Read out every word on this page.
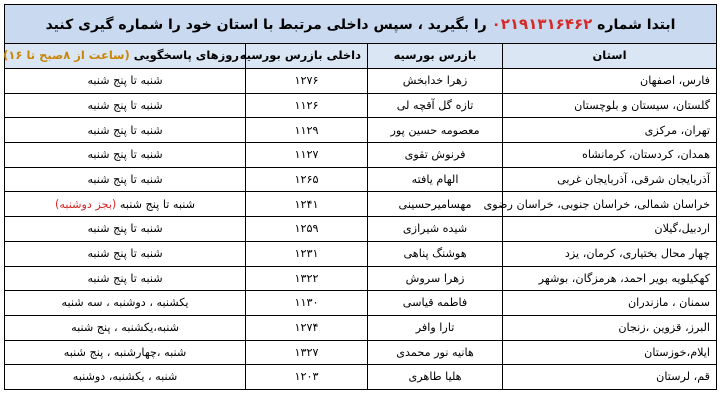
ابتدا شماره ۰۲۱۹۱۳۱۶۴۶۲ را بگیرید ، سپس داخلی مرتبط با استان خود را شماره گیری کنید			
استان	بازرس بورسیه	داخلی بازرس بورسیه	روزهای پاسخگویی (ساعت از ۸صبح تا ۱۶)
فارس، اصفهان	زهرا خدابخش	۱۲۷۶	شنبه تا پنج شنبه
گلستان، سیستان و بلوچستان	تازه گل آقچه لی	۱۱۲۶	شنبه تا پنج شنبه
تهران، مرکزی	معصومه حسین پور	۱۱۲۹	شنبه تا پنج شنبه
همدان، کردستان، کرمانشاه	فرنوش تقوی	۱۱۲۷	شنبه تا پنج شنبه
آذربایجان شرقی، آذربایجان غربی	الهام یافته	۱۲۶۵	شنبه تا پنج شنبه
خراسان شمالی، خراسان جنوبی، خراسان رضوی	مهسامیرحسینی	۱۲۴۱	شنبه تا پنج شنبه (بجز دوشنبه)
اردبیل،گیلان	شیده شیرازی	۱۲۵۹	شنبه تا پنج شنبه
چهار محال بختیاری، کرمان، یزد	هوشنگ پناهی	۱۲۳۱	شنبه تا پنج شنبه
کهکیلویه بویر احمد، هرمزگان، بوشهر	زهرا سروش	۱۳۲۲	شنبه تا پنج شنبه
سمنان ، مازندران	فاطمه قیاسی	۱۱۳۰	یکشنبه ، دوشنبه ، سه شنبه
البرز، قزوین ،زنجان	تارا وافر	۱۲۷۴	شنبه،یکشنبه ، پنج شنبه
ایلام،خوزستان	هانیه نور محمدی	۱۳۲۷	شنبه ،چهارشنبه ، پنج شنبه
قم، لرستان	هلیا طاهری	۱۲۰۳	شنبه ، یکشنبه، دوشنبه
